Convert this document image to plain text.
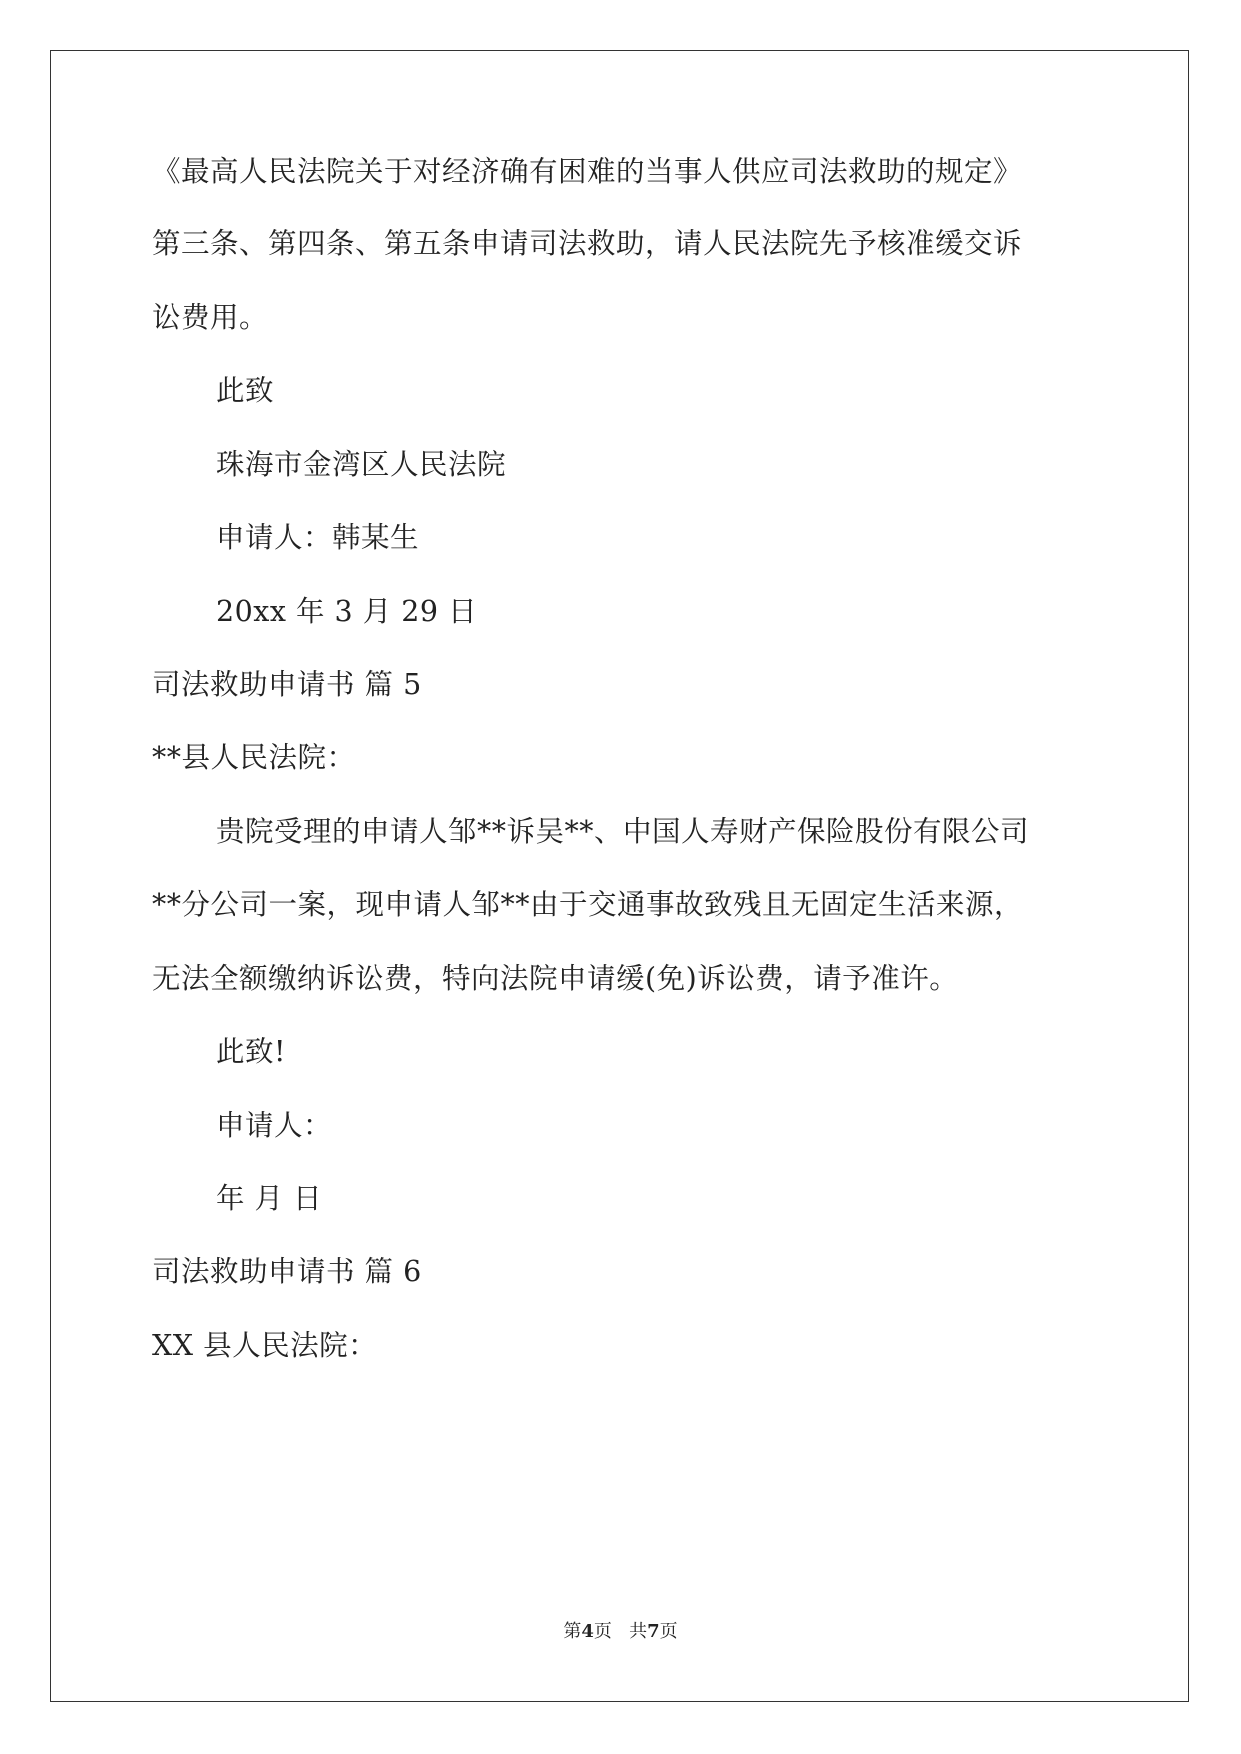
《最高人民法院关于对经济确有困难的当事人供应司法救助的规定》
第三条、第四条、第五条申请司法救助，请人民法院先予核准缓交诉
讼费用。
此致
珠海市金湾区人民法院
申请人：韩某生
20xx 年 3 月 29 日
司法救助申请书 篇 5
**县人民法院：
贵院受理的申请人邹**诉吴**、中国人寿财产保险股份有限公司
**分公司一案，现申请人邹**由于交通事故致残且无固定生活来源，
无法全额缴纳诉讼费，特向法院申请缓(免)诉讼费，请予准许。
此致!
申请人：
年 月 日
司法救助申请书 篇 6
XX 县人民法院：
第4页   共7页
